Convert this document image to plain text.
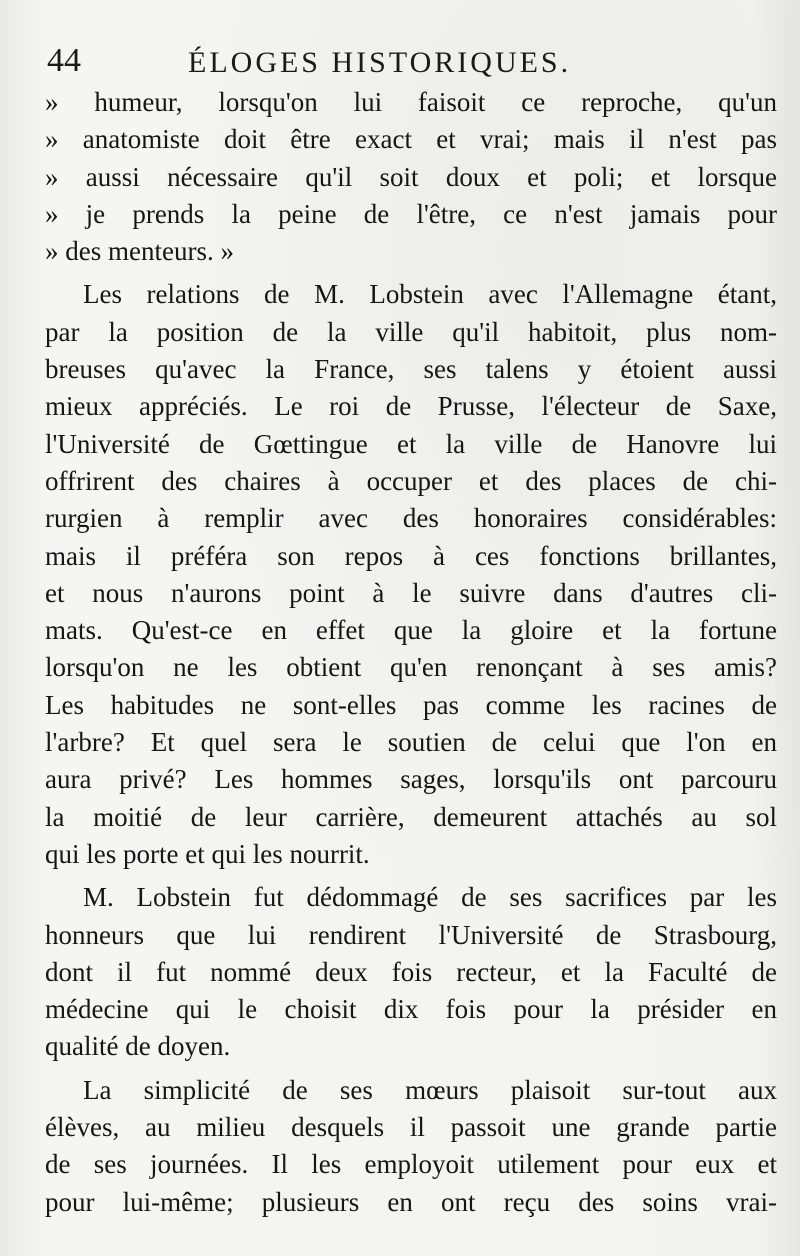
44	ÉLOGES HISTORIQUES.
» humeur, lorsqu'on lui faisoit ce reproche, qu'un
» anatomiste doit être exact et vrai; mais il n'est pas
» aussi nécessaire qu'il soit doux et poli; et lorsque
» je prends la peine de l'être, ce n'est jamais pour
» des menteurs. »
Les relations de M. Lobstein avec l'Allemagne étant,
par la position de la ville qu'il habitoit, plus nom-
breuses qu'avec la France, ses talens y étoient aussi
mieux appréciés. Le roi de Prusse, l'électeur de Saxe,
l'Université de Gœttingue et la ville de Hanovre lui
offrirent des chaires à occuper et des places de chi-
rurgien à remplir avec des honoraires considérables:
mais il préféra son repos à ces fonctions brillantes,
et nous n'aurons point à le suivre dans d'autres cli-
mats. Qu'est-ce en effet que la gloire et la fortune
lorsqu'on ne les obtient qu'en renonçant à ses amis?
Les habitudes ne sont-elles pas comme les racines de
l'arbre? Et quel sera le soutien de celui que l'on en
aura privé? Les hommes sages, lorsqu'ils ont parcouru
la moitié de leur carrière, demeurent attachés au sol
qui les porte et qui les nourrit.
M. Lobstein fut dédommagé de ses sacrifices par les
honneurs que lui rendirent l'Université de Strasbourg,
dont il fut nommé deux fois recteur, et la Faculté de
médecine qui le choisit dix fois pour la présider en
qualité de doyen.
La simplicité de ses mœurs plaisoit sur-tout aux
élèves, au milieu desquels il passoit une grande partie
de ses journées. Il les employoit utilement pour eux et
pour lui-même; plusieurs en ont reçu des soins vrai-
